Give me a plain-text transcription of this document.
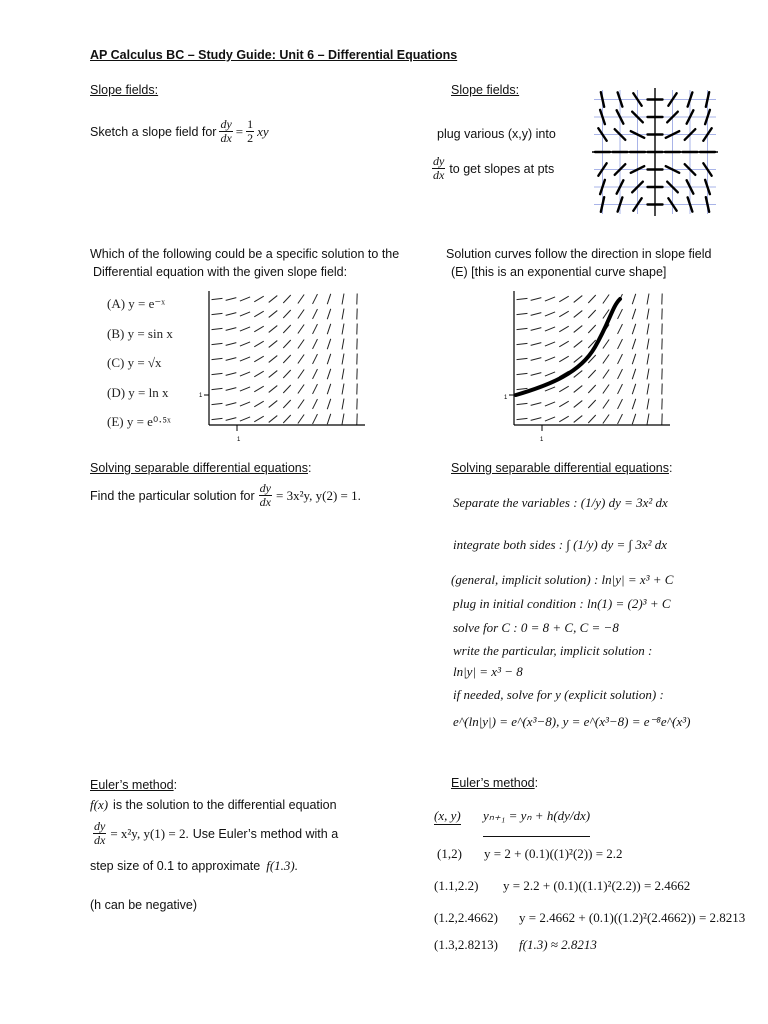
AP Calculus BC – Study Guide: Unit 6 – Differential Equations
Slope fields:
Sketch a slope field for $\frac{dy}{dx} = \frac{1}{2}$ xy
Slope fields:
plug various (x,y) into
$\frac{dy}{dx}$ to get slopes at pts
Which of the following could be a specific solution to the
Differential equation with the given slope field:
(A) y = e⁻ˣ
(B) y = sin x
(C) y = √x
(D) y = ln x
(E) y = e⁰·⁵ˣ
1
1
Solution curves follow the direction in slope field
(E) [this is an exponential curve shape]
1
1
Solving separable differential equations:
Find the particular solution for $\frac{dy}{dx} = 3x^2y$, y(2) = 1.
Solving separable differential equations:
Separate the variables : (1/y) dy = 3x² dx
integrate both sides : ∫ (1/y) dy = ∫ 3x² dx
(general, implicit solution) : ln|y| = x³ + C
plug in initial condition : ln(1) = (2)³ + C
solve for C : 0 = 8 + C, C = −8
write the particular, implicit solution :
ln|y| = x³ − 8
if needed, solve for y (explicit solution) :
e^(ln|y|) = e^(x³−8), y = e^(x³−8) = e⁻⁸e^(x³)
Euler’s method:
f(x) is the solution to the differential equation
$\frac{dy}{dx} = x^2y$, y(1) = 2. Use Euler’s method with a
step size of 0.1 to approximate f(1.3).
(h can be negative)
Euler’s method:
(x, y) yₙ₊₁ = yₙ + h(dy/dx)
(1,2) y = 2 + (0.1)((1)²(2)) = 2.2
(1.1,2.2) y = 2.2 + (0.1)((1.1)²(2.2)) = 2.4662
(1.2,2.4662) y = 2.4662 + (0.1)((1.2)²(2.4662)) = 2.8213
(1.3,2.8213) f(1.3) ≈ 2.8213
